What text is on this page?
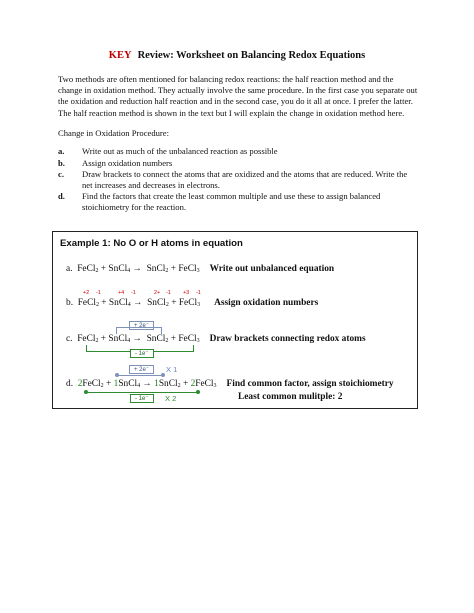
KEY Review: Worksheet on Balancing Redox Equations
Two methods are often mentioned for balancing redox reactions: the half reaction method and the change in oxidation method. They actually involve the same procedure. In the first case you separate out the oxidation and reduction half reaction and in the second case, you do it all at once. I prefer the latter. The half reaction method is shown in the text but I will explain the change in oxidation method here.
Change in Oxidation Procedure:
a.	Write out as much of the unbalanced reaction as possible
b.	Assign oxidation numbers
c.	Draw brackets to connect the atoms that are oxidized and the atoms that are reduced. Write the net increases and decreases in electrons.
d.	Find the factors that create the least common multiple and use these to assign balanced stoichiometry for the reaction.
Example 1: No O or H atoms in equation
a.  FeCl$_2$ + SnCl$_4$ →  SnCl$_2$ + FeCl$_3$ Write out unbalanced equation
+2 -1	+4 -1	2+ -1 +3 -1
b.  FeCl$_2$ + SnCl$_4$ →  SnCl$_2$ + FeCl$_3$ Assign oxidation numbers
+ 2e⁻
c.  FeCl$_2$ + SnCl$_4$ →  SnCl$_2$ + FeCl$_3$ Draw brackets connecting redox atoms
- 1e⁻
+ 2e⁻	X 1
d.  2FeCl$_2$ + 1SnCl$_4$ → 1SnCl$_2$ + 2FeCl$_3$ Find common factor, assign stoichiometry
- 1e⁻	X 2	Least common mulitple: 2
